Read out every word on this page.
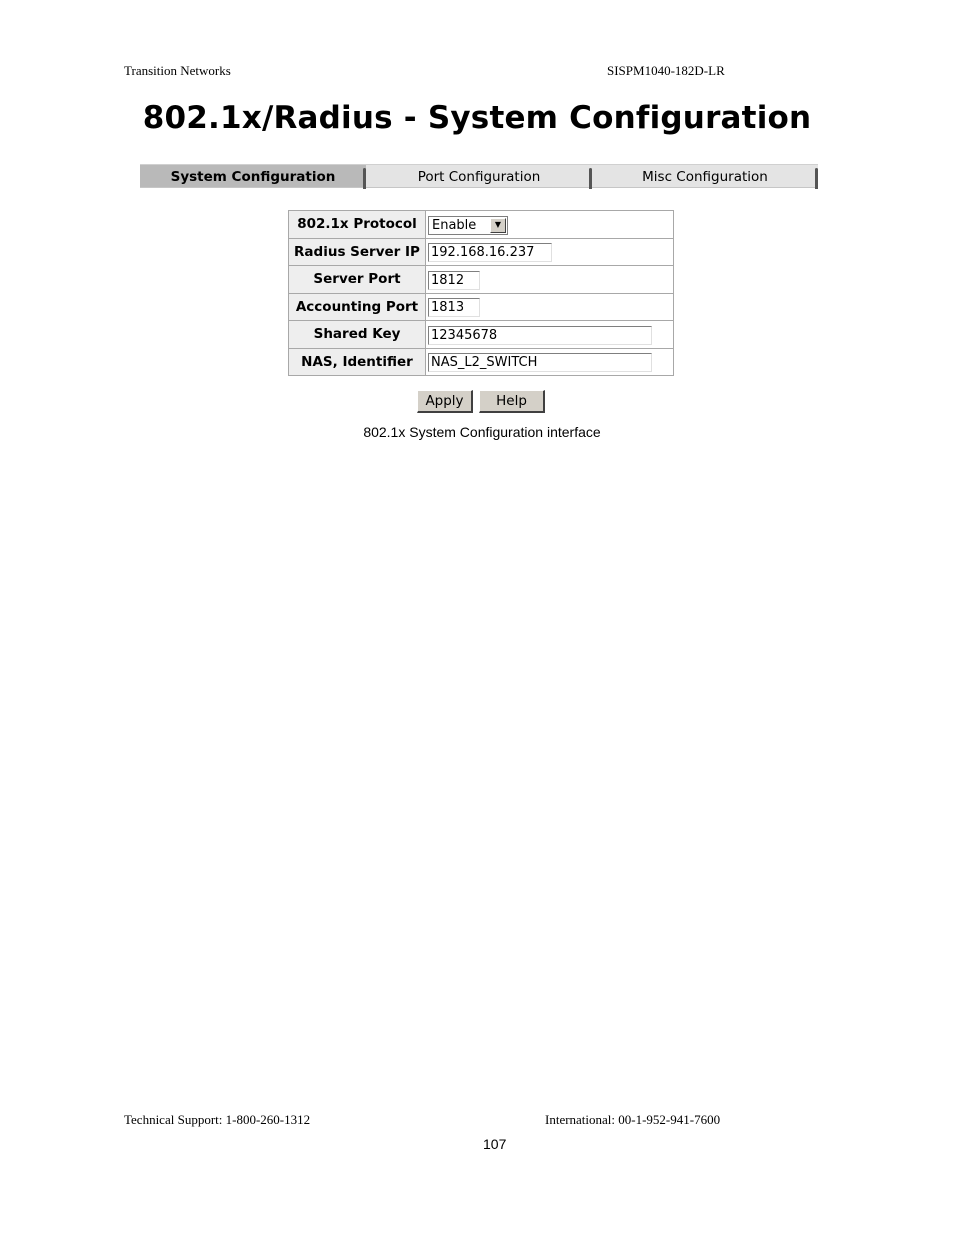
Transition Networks	SISPM1040-182D-LR
802.1x/Radius - System Configuration
System Configuration	Port Configuration	Misc Configuration
802.1x Protocol	Enable ▼

Radius Server IP	192.168.16.237
Server Port	1812
Accounting Port	1813
Shared Key	12345678
NAS, Identifier	NAS_L2_SWITCH
Apply	Help
802.1x System Configuration interface
Technical Support: 1-800-260-1312	International: 00-1-952-941-7600
107
